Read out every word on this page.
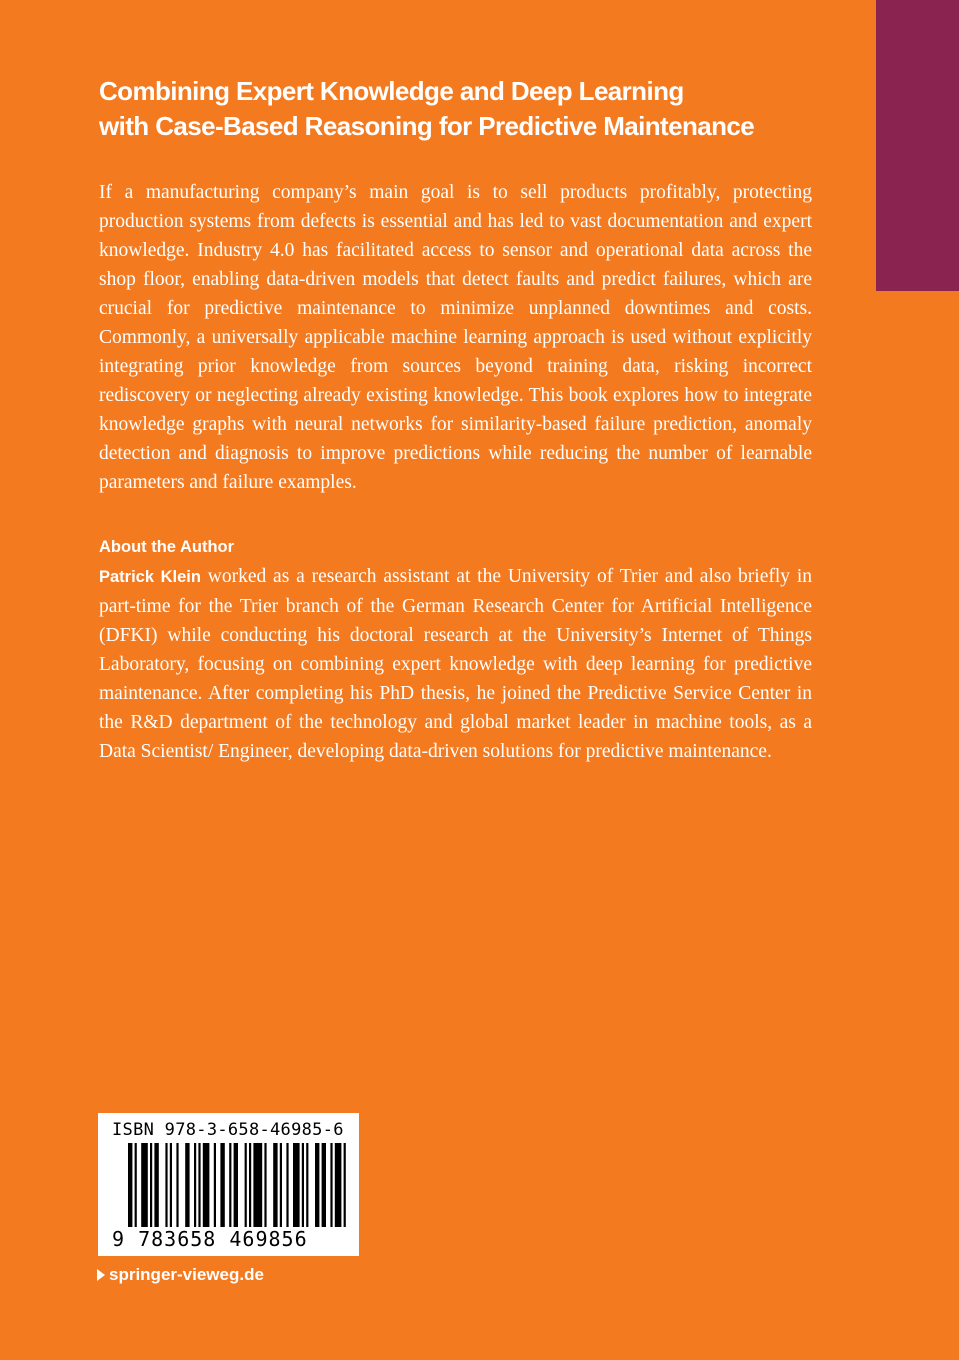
Combining Expert Knowledge and Deep Learning
with Case-Based Reasoning for Predictive Maintenance

If a manufacturing company’s main goal is to sell products profitably, protecting production systems from defects is essential and has led to vast documentation and expert knowledge. Industry 4.0 has facilitated access to sensor and operational data across the shop floor, enabling data-driven models that detect faults and predict failures, which are crucial for predictive maintenance to minimize unplanned downtimes and costs. Commonly, a universally applicable machine learning approach is used without explicitly integrating prior knowledge from sources beyond training data, risking incorrect rediscovery or neglecting already existing knowledge. This book explores how to integrate knowledge graphs with neural networks for similarity-based failure prediction, anomaly detection and diagnosis to improve predictions while reducing the number of learnable parameters and failure examples.

About the Author

Patrick Klein worked as a research assistant at the University of Trier and also briefly in part-time for the Trier branch of the German Research Center for Artificial Intelligence (DFKI) while conducting his doctoral research at the University’s Internet of Things Laboratory, focusing on combining expert knowledge with deep learning for predictive maintenance. After completing his PhD thesis, he joined the Predictive Service Center in the R&D department of the technology and global market leader in machine tools, as a Data Scientist/ Engineer, developing data-driven solutions for predictive maintenance.

ISBN 978-3-658-46985-6
9 783658 469856
springer-vieweg.de
